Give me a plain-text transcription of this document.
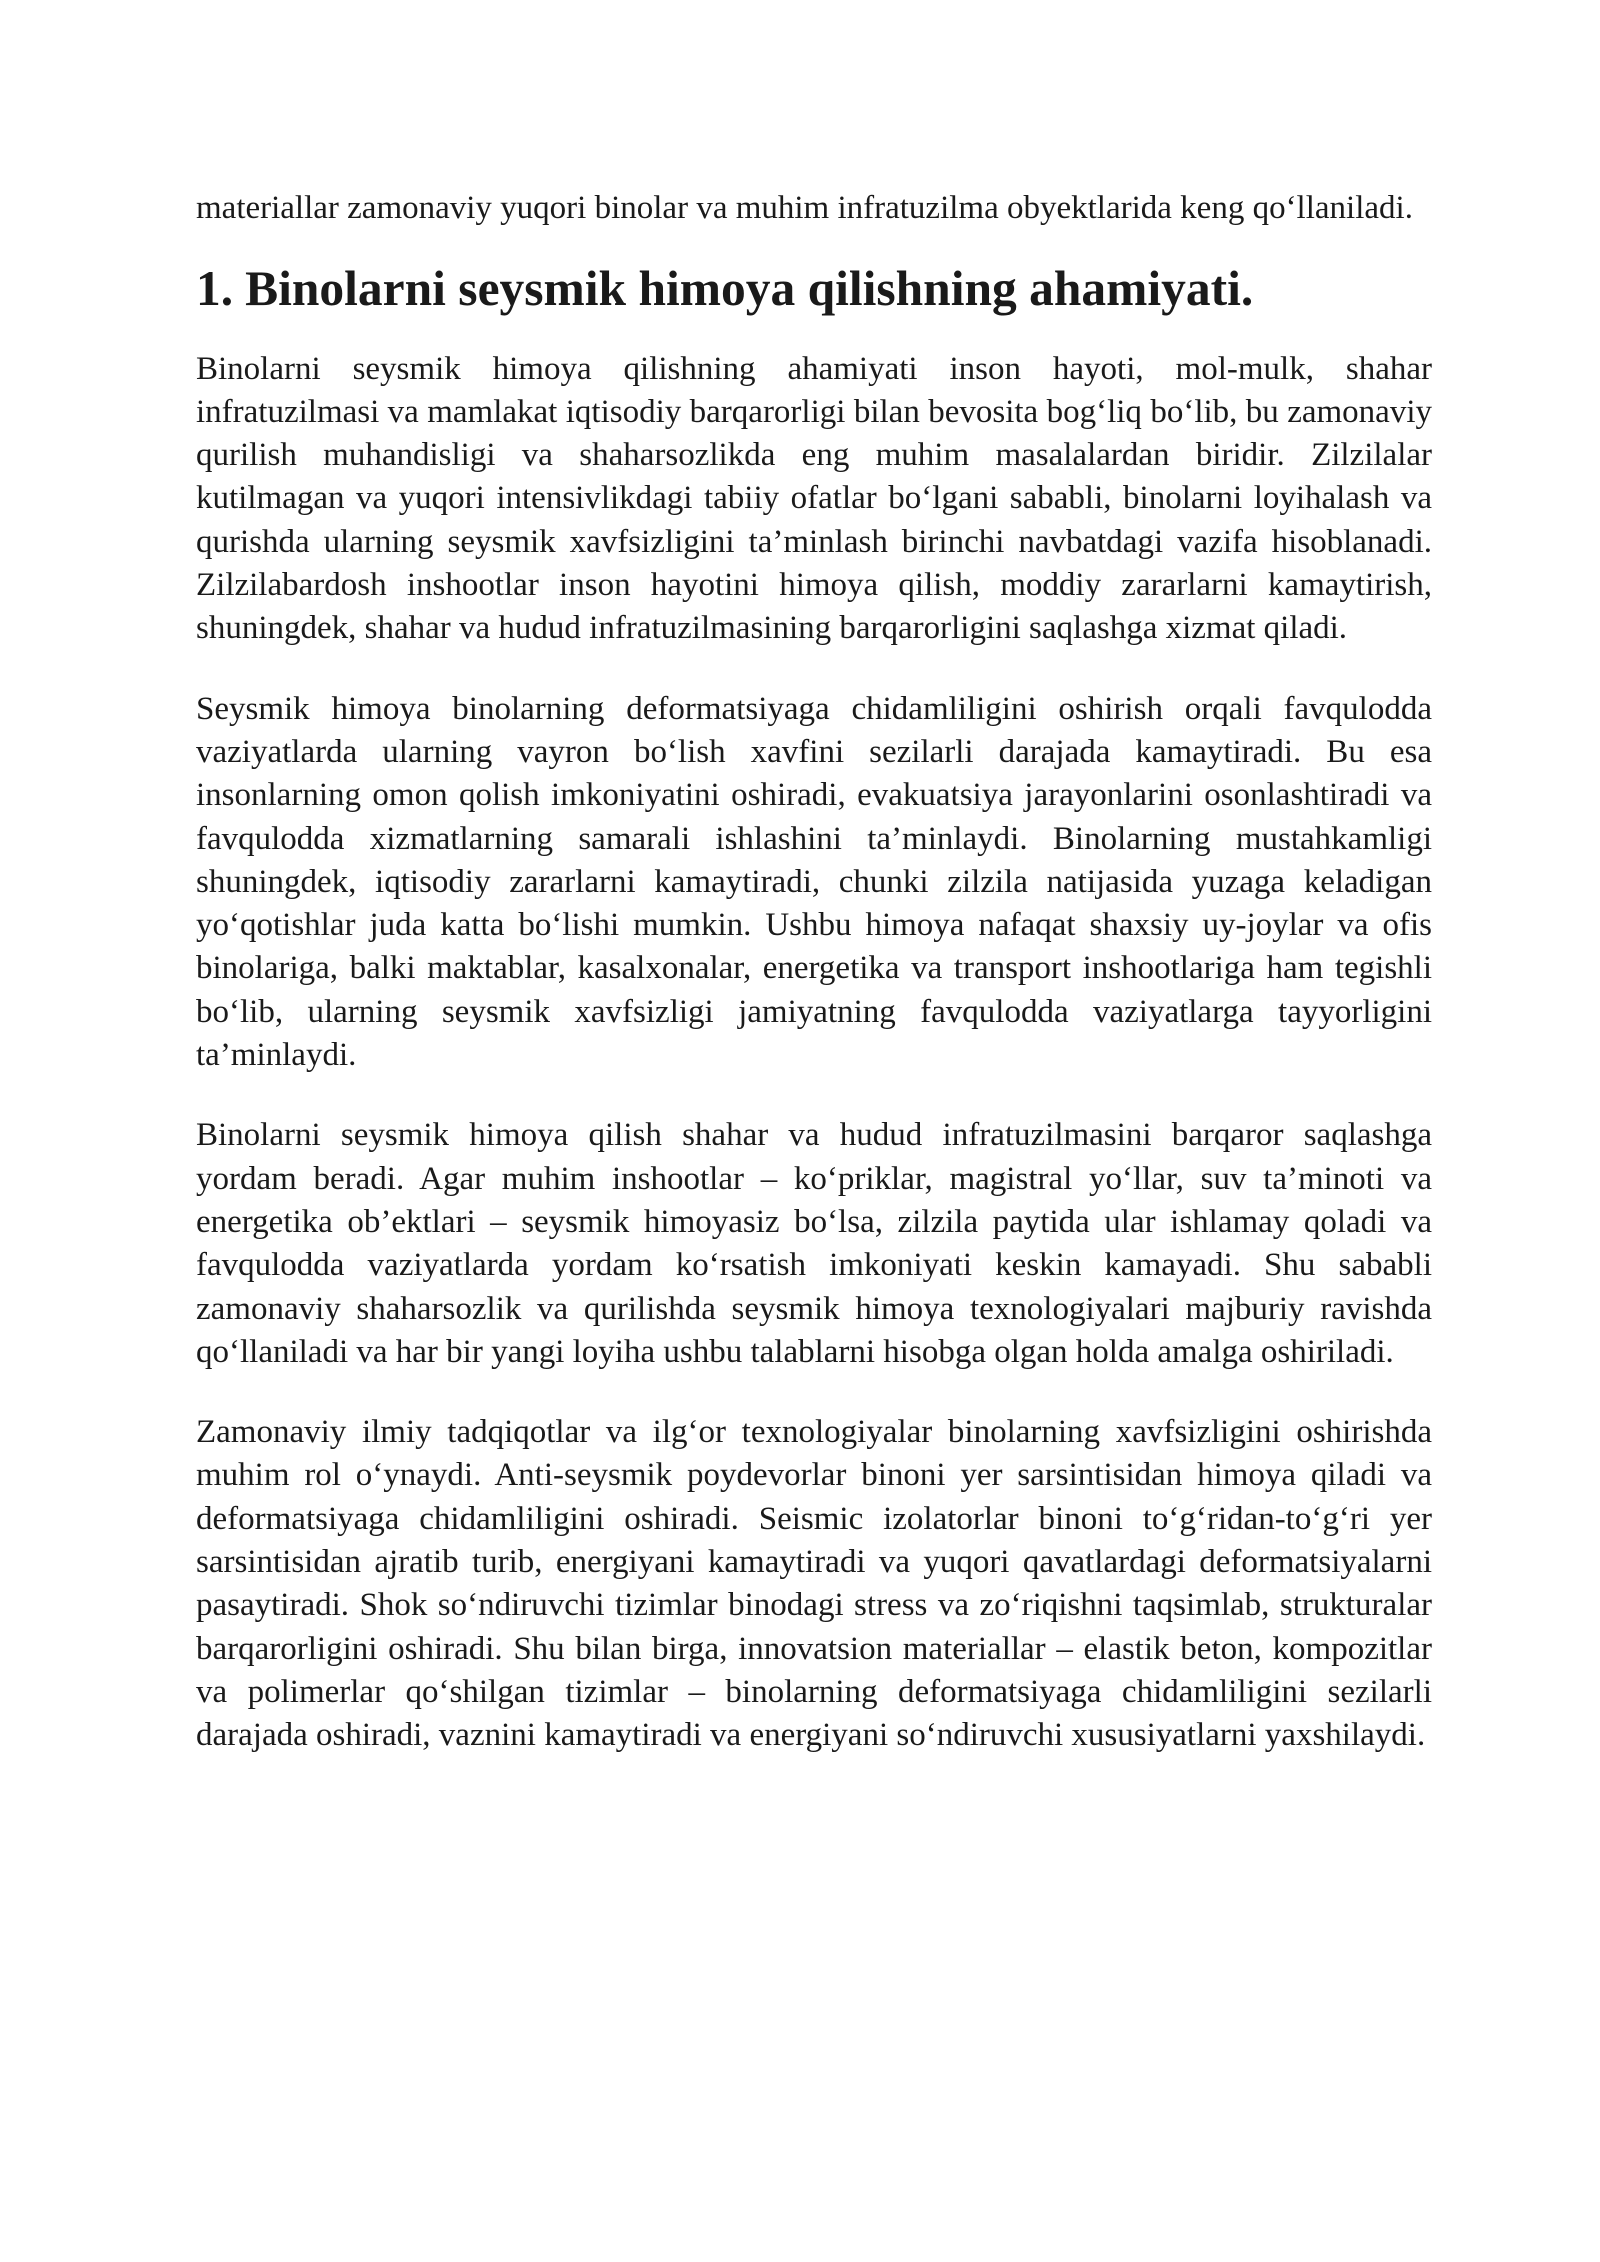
materiallar zamonaviy yuqori binolar va muhim infratuzilma obyektlarida keng qo‘llaniladi.

1. Binolarni seysmik himoya qilishning ahamiyati.

Binolarni seysmik himoya qilishning ahamiyati inson hayoti, mol-mulk, shahar infratuzilmasi va mamlakat iqtisodiy barqarorligi bilan bevosita bog‘liq bo‘lib, bu zamonaviy qurilish muhandisligi va shaharsozlikda eng muhim masalalardan biridir. Zilzilalar kutilmagan va yuqori intensivlikdagi tabiiy ofatlar bo‘lgani sababli, binolarni loyihalash va qurishda ularning seysmik xavfsizligini ta’minlash birinchi navbatdagi vazifa hisoblanadi. Zilzilabardosh inshootlar inson hayotini himoya qilish, moddiy zararlarni kamaytirish, shuningdek, shahar va hudud infratuzilmasining barqarorligini saqlashga xizmat qiladi.

Seysmik himoya binolarning deformatsiyaga chidamliligini oshirish orqali favqulodda vaziyatlarda ularning vayron bo‘lish xavfini sezilarli darajada kamaytiradi. Bu esa insonlarning omon qolish imkoniyatini oshiradi, evakuatsiya jarayonlarini osonlashtiradi va favqulodda xizmatlarning samarali ishlashini ta’minlaydi. Binolarning mustahkamligi shuningdek, iqtisodiy zararlarni kamaytiradi, chunki zilzila natijasida yuzaga keladigan yo‘qotishlar juda katta bo‘lishi mumkin. Ushbu himoya nafaqat shaxsiy uy-joylar va ofis binolariga, balki maktablar, kasalxonalar, energetika va transport inshootlariga ham tegishli bo‘lib, ularning seysmik xavfsizligi jamiyatning favqulodda vaziyatlarga tayyorligini ta’minlaydi.

Binolarni seysmik himoya qilish shahar va hudud infratuzilmasini barqaror saqlashga yordam beradi. Agar muhim inshootlar – ko‘priklar, magistral yo‘llar, suv ta’minoti va energetika ob’ektlari – seysmik himoyasiz bo‘lsa, zilzila paytida ular ishlamay qoladi va favqulodda vaziyatlarda yordam ko‘rsatish imkoniyati keskin kamayadi. Shu sababli zamonaviy shaharsozlik va qurilishda seysmik himoya texnologiyalari majburiy ravishda qo‘llaniladi va har bir yangi loyiha ushbu talablarni hisobga olgan holda amalga oshiriladi.

Zamonaviy ilmiy tadqiqotlar va ilg‘or texnologiyalar binolarning xavfsizligini oshirishda muhim rol o‘ynaydi. Anti-seysmik poydevorlar binoni yer sarsintisidan himoya qiladi va deformatsiyaga chidamliligini oshiradi. Seismic izolatorlar binoni to‘g‘ridan-to‘g‘ri yer sarsintisidan ajratib turib, energiyani kamaytiradi va yuqori qavatlardagi deformatsiyalarni pasaytiradi. Shok so‘ndiruvchi tizimlar binodagi stress va zo‘riqishni taqsimlab, strukturalar barqarorligini oshiradi. Shu bilan birga, innovatsion materiallar – elastik beton, kompozitlar va polimerlar qo‘shilgan tizimlar – binolarning deformatsiyaga chidamliligini sezilarli darajada oshiradi, vaznini kamaytiradi va energiyani so‘ndiruvchi xususiyatlarni yaxshilaydi.
